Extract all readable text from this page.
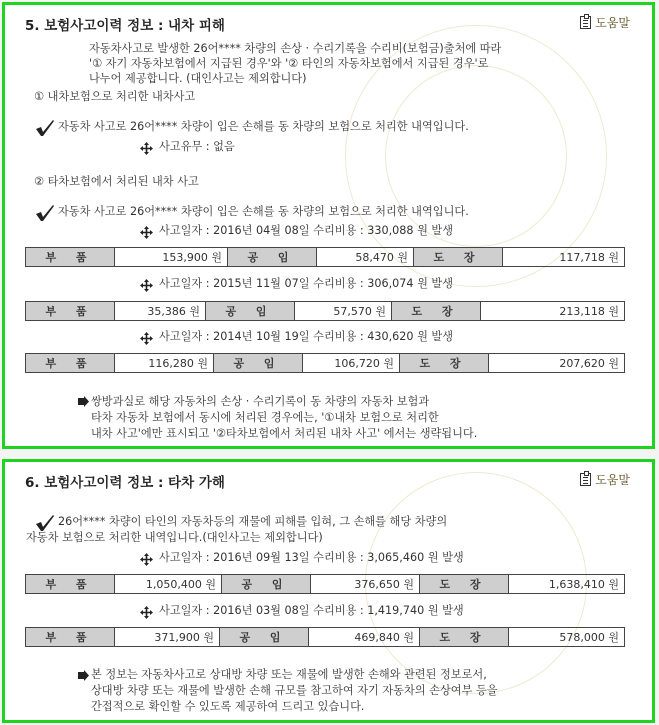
5. 보험사고이력 정보 : 내차 피해	도움말
자동차사고로 발생한 26어**** 차량의 손상 · 수리기록을 수리비(보험금)출처에 따라
'① 자기 자동차보험에서 지급된 경우'와 '② 타인의 자동차보험에서 지급된 경우'로
나누어 제공합니다. (대인사고는 제외합니다)
① 내차보험으로 처리한 내차사고
자동차 사고로 26어**** 차량이 입은 손해를 동 차량의 보험으로 처리한 내역입니다.
사고유무 : 없음
② 타차보험에서 처리된 내차 사고
자동차 사고로 26어**** 차량이 입은 손해를 동 차량의 보험으로 처리한 내역입니다.
사고일자 : 2016년 04월 08일 수리비용 : 330,088 원 발생
부 품	153,900 원	공 임	58,470 원	도 장	117,718 원
사고일자 : 2015년 11월 07일 수리비용 : 306,074 원 발생
부 품	35,386 원	공 임	57,570 원	도 장	213,118 원
사고일자 : 2014년 10월 19일 수리비용 : 430,620 원 발생
부 품	116,280 원	공 임	106,720 원	도 장	207,620 원
쌍방과실로 해당 자동차의 손상 · 수리기록이 동 차량의 자동차 보험과
타차 자동차 보험에서 동시에 처리된 경우에는, '①내차 보험으로 처리한
내차 사고'에만 표시되고 '②타차보험에서 처리된 내차 사고' 에서는 생략됩니다.
6. 보험사고이력 정보 : 타차 가해	도움말
26어**** 차량이 타인의 자동차등의 재물에 피해를 입혀, 그 손해를 해당 차량의
자동차 보험으로 처리한 내역입니다.(대인사고는 제외합니다)
사고일자 : 2016년 09월 13일 수리비용 : 3,065,460 원 발생
부 품	1,050,400 원	공 임	376,650 원	도 장	1,638,410 원
사고일자 : 2016년 03월 08일 수리비용 : 1,419,740 원 발생
부 품	371,900 원	공 임	469,840 원	도 장	578,000 원
본 정보는 자동차사고로 상대방 차량 또는 재물에 발생한 손해와 관련된 정보로서,
상대방 차량 또는 재물에 발생한 손해 규모를 참고하여 자기 자동차의 손상여부 등을
간접적으로 확인할 수 있도록 제공하여 드리고 있습니다.
